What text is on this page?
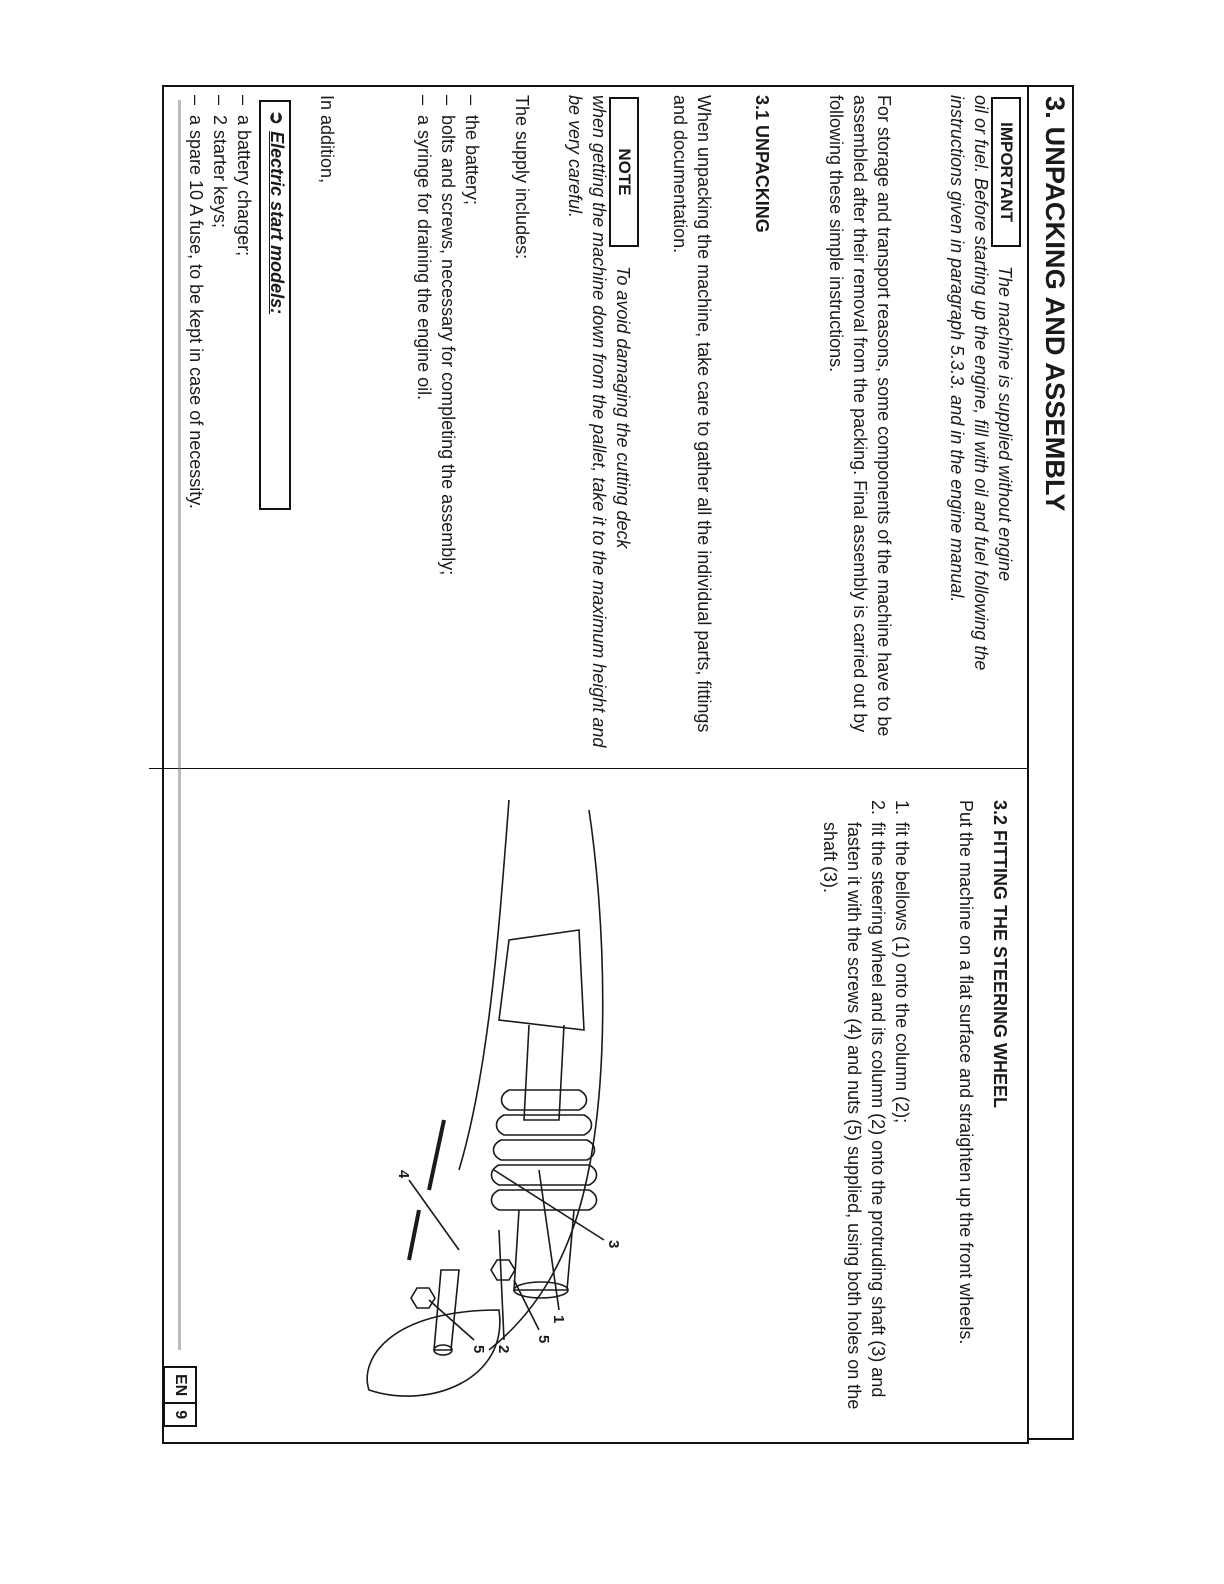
3. UNPACKING AND ASSEMBLY
IMPORTANT
The machine is supplied without engine
oil or fuel. Before starting up the engine, fill with oil and fuel following the instructions given in paragraph 5.3.3. and in the engine manual.
For storage and transport reasons, some components of the machine have to be assembled after their removal from the packing. Final assembly is carried out by following these simple instructions.
3.1 UNPACKING
When unpacking the machine, take care to gather all the individual parts, fittings and documentation.
NOTE
To avoid damaging the cutting deck
when getting the machine down from the pallet, take it to the maximum height and be very careful.
The supply includes:
– the battery;
– bolts and screws, necessary for completing the assembly;
– a syringe for draining the engine oil.
In addition,
➲Electric start models:
– a battery charger;
– 2 starter keys;
– a spare 10 A fuse, to be kept in case of necessity.
3.2 FITTING THE STEERING WHEEL
Put the machine on a flat surface and straighten up the front wheels.
1.
fit the bellows (1) onto the column (2);
2.
fit the steering wheel and its column (2) onto the protruding shaft (3) and fasten it with the screws (4) and nuts (5) supplied, using both holes on the shaft (3).
1
2
3
4
5
5
EN
9
